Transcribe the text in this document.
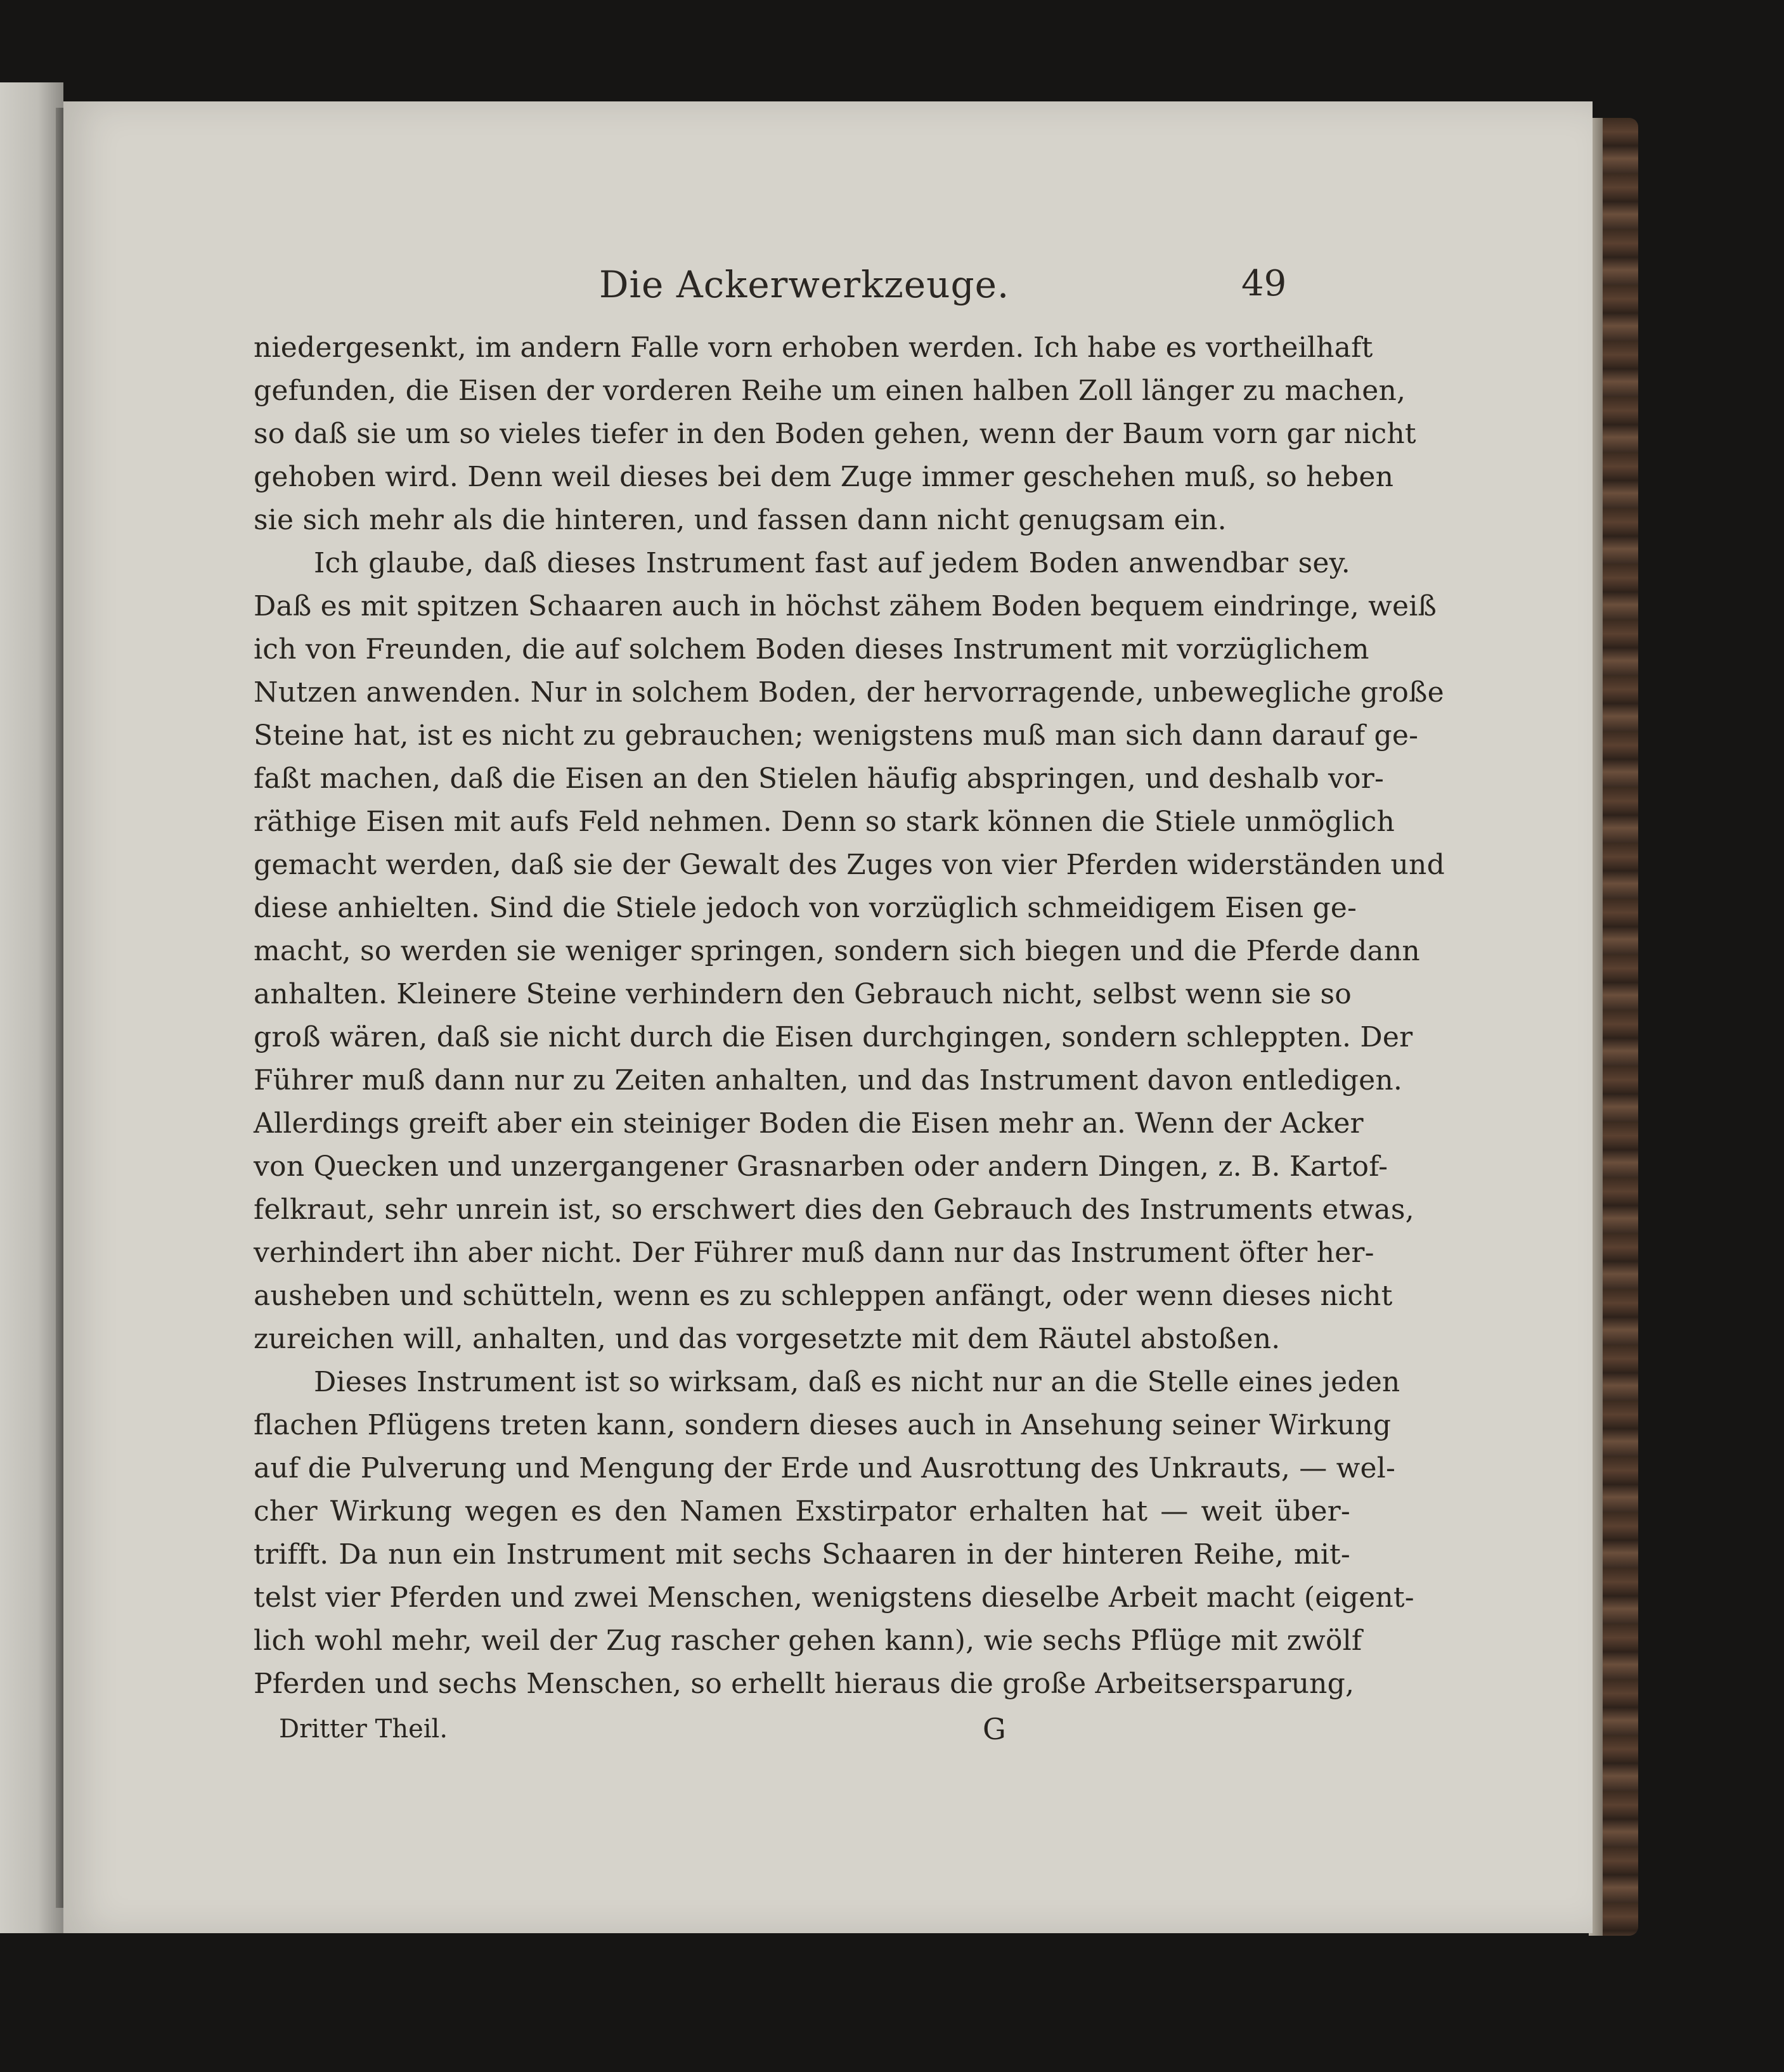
Die Ackerwerkzeuge.	49
niedergesenkt, im andern Falle vorn erhoben werden. Ich habe es vortheilhaft
gefunden, die Eisen der vorderen Reihe um einen halben Zoll länger zu machen,
so daß sie um so vieles tiefer in den Boden gehen, wenn der Baum vorn gar nicht
gehoben wird. Denn weil dieses bei dem Zuge immer geschehen muß, so heben
sie sich mehr als die hinteren, und fassen dann nicht genugsam ein.
Ich glaube, daß dieses Instrument fast auf jedem Boden anwendbar sey.
Daß es mit spitzen Schaaren auch in höchst zähem Boden bequem eindringe, weiß
ich von Freunden, die auf solchem Boden dieses Instrument mit vorzüglichem
Nutzen anwenden. Nur in solchem Boden, der hervorragende, unbewegliche große
Steine hat, ist es nicht zu gebrauchen; wenigstens muß man sich dann darauf ge-
faßt machen, daß die Eisen an den Stielen häufig abspringen, und deshalb vor-
räthige Eisen mit aufs Feld nehmen. Denn so stark können die Stiele unmöglich
gemacht werden, daß sie der Gewalt des Zuges von vier Pferden widerständen und
diese anhielten. Sind die Stiele jedoch von vorzüglich schmeidigem Eisen ge-
macht, so werden sie weniger springen, sondern sich biegen und die Pferde dann
anhalten. Kleinere Steine verhindern den Gebrauch nicht, selbst wenn sie so
groß wären, daß sie nicht durch die Eisen durchgingen, sondern schleppten. Der
Führer muß dann nur zu Zeiten anhalten, und das Instrument davon entledigen.
Allerdings greift aber ein steiniger Boden die Eisen mehr an. Wenn der Acker
von Quecken und unzergangener Grasnarben oder andern Dingen, z. B. Kartof-
felkraut, sehr unrein ist, so erschwert dies den Gebrauch des Instruments etwas,
verhindert ihn aber nicht. Der Führer muß dann nur das Instrument öfter her-
ausheben und schütteln, wenn es zu schleppen anfängt, oder wenn dieses nicht
zureichen will, anhalten, und das vorgesetzte mit dem Räutel abstoßen.
Dieses Instrument ist so wirksam, daß es nicht nur an die Stelle eines jeden
flachen Pflügens treten kann, sondern dieses auch in Ansehung seiner Wirkung
auf die Pulverung und Mengung der Erde und Ausrottung des Unkrauts, — wel-
cher Wirkung wegen es den Namen Exstirpator erhalten hat — weit über-
trifft. Da nun ein Instrument mit sechs Schaaren in der hinteren Reihe, mit-
telst vier Pferden und zwei Menschen, wenigstens dieselbe Arbeit macht (eigent-
lich wohl mehr, weil der Zug rascher gehen kann), wie sechs Pflüge mit zwölf
Pferden und sechs Menschen, so erhellt hieraus die große Arbeitsersparung,
Dritter Theil.	G
